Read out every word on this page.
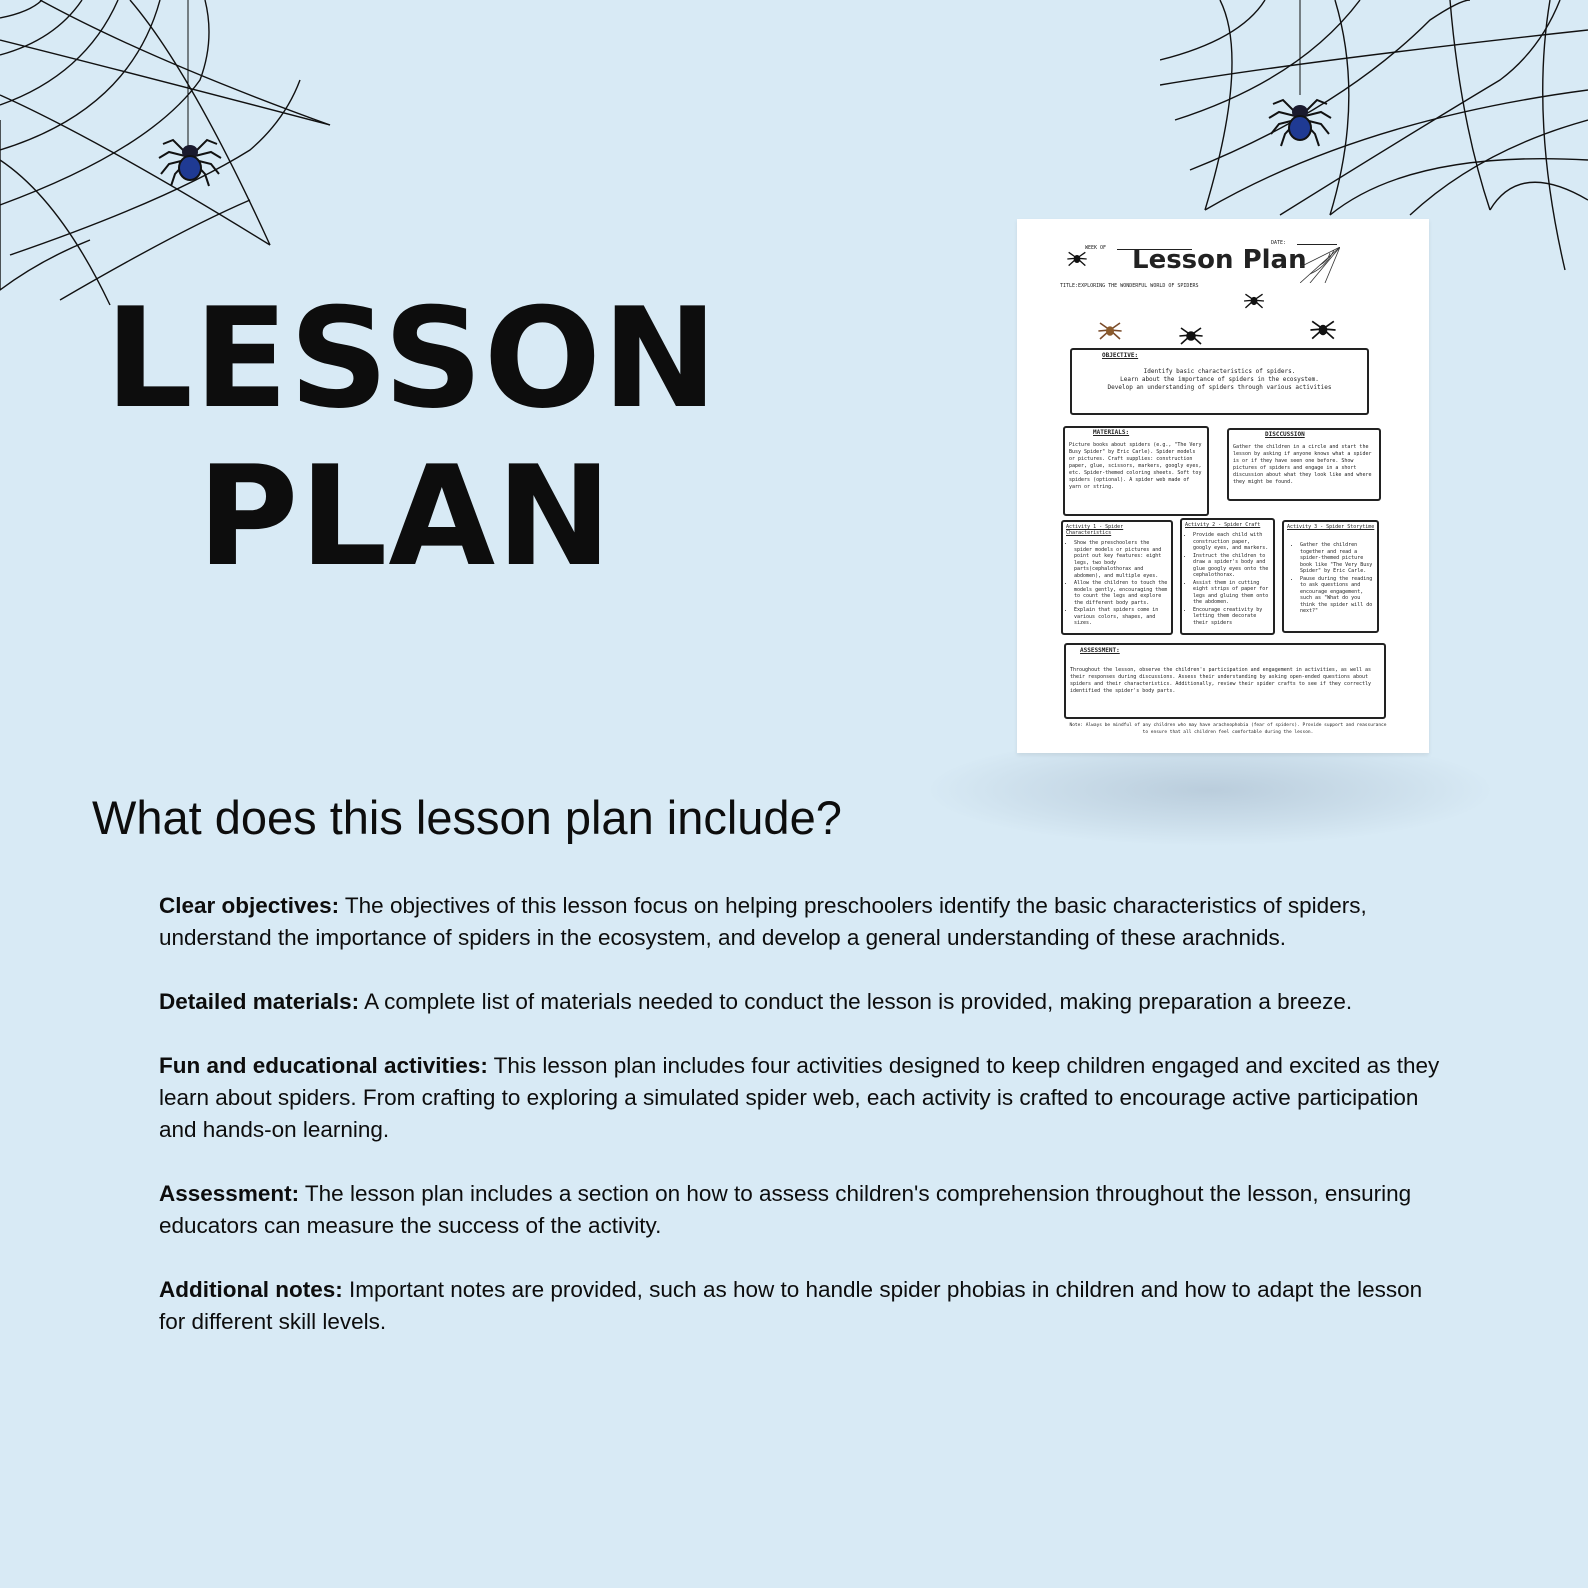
LESSON
PLAN
WEEK OF
DATE:
Lesson Plan
TITLE:EXPLORING THE WONDERFUL WORLD OF SPIDERS
OBJECTIVE:
Identify basic characteristics of spiders.
Learn about the importance of spiders in the ecosystem.
Develop an understanding of spiders through various activities
MATERIALS:
Picture books about spiders (e.g., "The Very Busy Spider" by Eric Carle). Spider models or pictures. Craft supplies: construction paper, glue, scissors, markers, googly eyes, etc. Spider-themed coloring sheets. Soft toy spiders (optional). A spider web made of yarn or string.
DISCCUSSION
Gather the children in a circle and start the lesson by asking if anyone knows what a spider is or if they have seen one before. Show pictures of spiders and engage in a short discussion about what they look like and where they might be found.
Activity 1 - Spider Characteristics
• Show the preschoolers the spider models or pictures and point out key features: eight legs, two body parts(cephalothorax and abdomen), and multiple eyes.
• Allow the children to touch the models gently, encouraging them to count the legs and explore the different body parts.
• Explain that spiders come in various colors, shapes, and sizes.
Activity 2 - Spider Craft
• Provide each child with construction paper, googly eyes, and markers.
• Instruct the children to draw a spider's body and glue googly eyes onto the cephalothorax.
• Assist them in cutting eight strips of paper for legs and gluing them onto the abdomen.
• Encourage creativity by letting them decorate their spiders
Activity 3 - Spider Storytime
• Gather the children together and read a spider-themed picture book like "The Very Busy Spider" by Eric Carle.
• Pause during the reading to ask questions and encourage engagement, such as "What do you think the spider will do next?"
ASSESSMENT:
Throughout the lesson, observe the children's participation and engagement in activities, as well as their responses during discussions. Assess their understanding by asking open-ended questions about spiders and their characteristics. Additionally, review their spider crafts to see if they correctly identified the spider's body parts.
Note: Always be mindful of any children who may have arachnophobia (fear of spiders). Provide support and reassurance to ensure that all children feel comfortable during the lesson.
What does this lesson plan include?

Clear objectives: The objectives of this lesson focus on helping preschoolers identify the basic characteristics of spiders, understand the importance of spiders in the ecosystem, and develop a general understanding of these arachnids.

Detailed materials: A complete list of materials needed to conduct the lesson is provided, making preparation a breeze.

Fun and educational activities: This lesson plan includes four activities designed to keep children engaged and excited as they learn about spiders. From crafting to exploring a simulated spider web, each activity is crafted to encourage active participation and hands-on learning.

Assessment: The lesson plan includes a section on how to assess children's comprehension throughout the lesson, ensuring educators can measure the success of the activity.

Additional notes: Important notes are provided, such as how to handle spider phobias in children and how to adapt the lesson for different skill levels.
